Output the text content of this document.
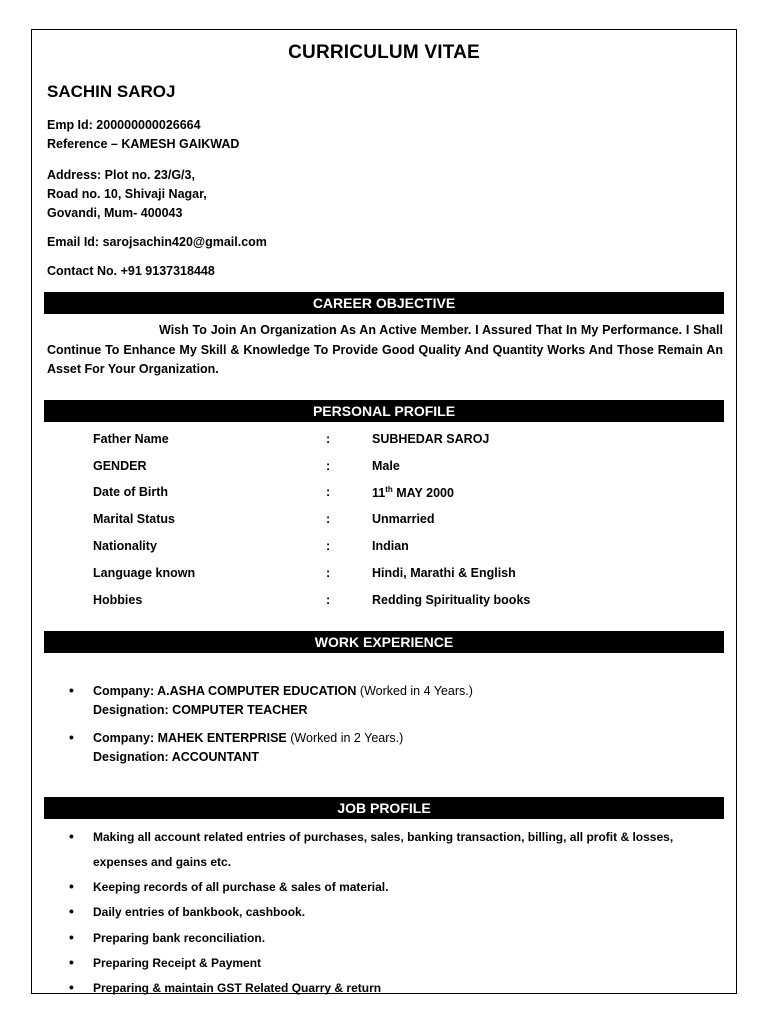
CURRICULUM VITAE
SACHIN SAROJ
Emp Id: 200000000026664
Reference – KAMESH GAIKWAD
Address: Plot no. 23/G/3,
Road no. 10, Shivaji Nagar,
Govandi, Mum- 400043
Email Id: sarojsachin420@gmail.com
Contact No. +91 9137318448
CAREER OBJECTIVE
Wish To Join An Organization As An Active Member. I Assured That In My Performance. I Shall Continue To Enhance My Skill & Knowledge To Provide Good Quality And Quantity Works And Those Remain An Asset For Your Organization.
PERSONAL PROFILE
Father Name	:	SUBHEDAR SAROJ
GENDER	:	Male
Date of Birth	:	11th MAY 2000
Marital Status	:	Unmarried
Nationality	:	Indian
Language known	:	Hindi, Marathi & English
Hobbies	:	Redding Spirituality books
WORK EXPERIENCE
• Company: A.ASHA COMPUTER EDUCATION (Worked in 4 Years.)
Designation: COMPUTER TEACHER
• Company: MAHEK ENTERPRISE (Worked in 2 Years.)
Designation: ACCOUNTANT
JOB PROFILE
• Making all account related entries of purchases, sales, banking transaction, billing, all profit & losses, expenses and gains etc.
• Keeping records of all purchase & sales of material.
• Daily entries of bankbook, cashbook.
• Preparing bank reconciliation.
• Preparing Receipt & Payment
• Preparing & maintain GST Related Quarry & return
